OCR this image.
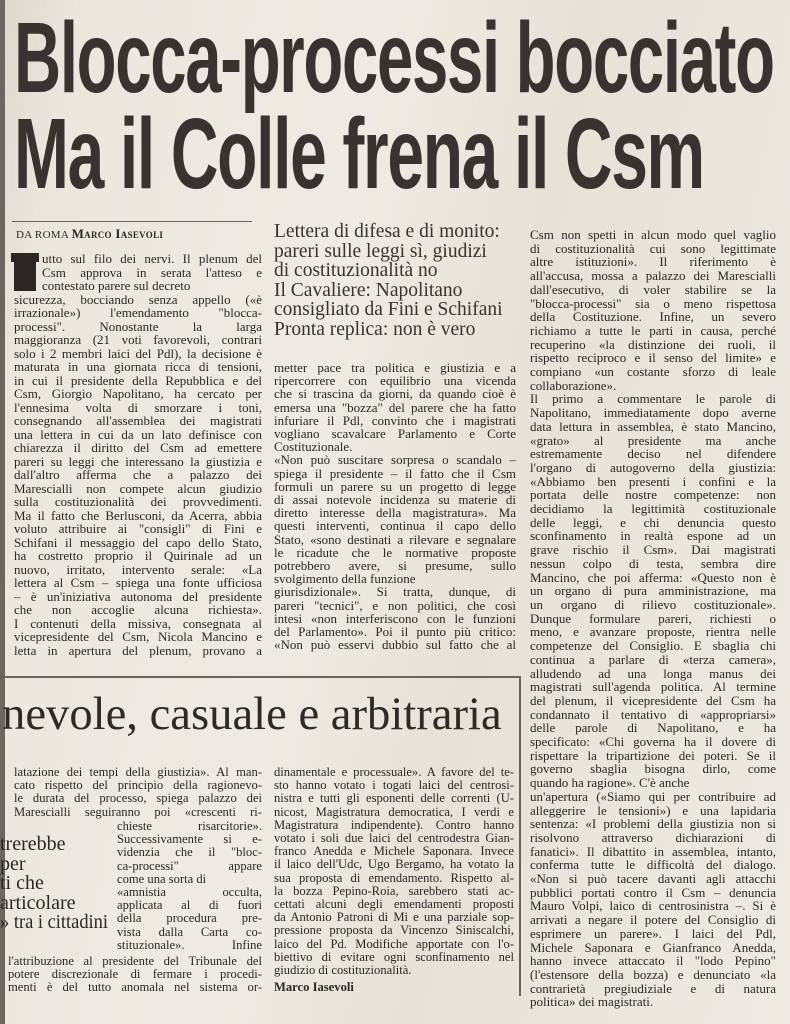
Blocca-processi bocciato
Ma il Colle frena il Csm
DA ROMA Marco Iasevoli
utto sul filo dei nervi. Il plenum del
Csm approva in serata l'atteso e
contestato parere sul decreto
sicurezza, bocciando senza appello («è
irrazionale») l'emendamento "blocca-
processi". Nonostante la larga
maggioranza (21 voti favorevoli, contrari
solo i 2 membri laici del Pdl), la decisione è
maturata in una giornata ricca di tensioni,
in cui il presidente della Repubblica e del
Csm, Giorgio Napolitano, ha cercato per
l'ennesima volta di smorzare i toni,
consegnando all'assemblea dei magistrati
una lettera in cui da un lato definisce con
chiarezza il diritto del Csm ad emettere
pareri su leggi che interessano la giustizia e
dall'altro afferma che a palazzo dei
Marescialli non compete alcun giudizio
sulla costituzionalità dei provvedimenti.
Ma il fatto che Berlusconi, da Acerra, abbia
voluto attribuire ai "consigli" di Fini e
Schifani il messaggio del capo dello Stato,
ha costretto proprio il Quirinale ad un
nuovo, irritato, intervento serale: «La
lettera al Csm – spiega una fonte ufficiosa
– è un'iniziativa autonoma del presidente
che non accoglie alcuna richiesta».
I contenuti della missiva, consegnata al
vicepresidente del Csm, Nicola Mancino e
letta in apertura del plenum, provano a
Lettera di difesa e di monito:
pareri sulle leggi sì, giudizi
di costituzionalità no
Il Cavaliere: Napolitano
consigliato da Fini e Schifani
Pronta replica: non è vero
metter pace tra politica e giustizia e a
ripercorrere con equilibrio una vicenda
che si trascina da giorni, da quando cioè è
emersa una "bozza" del parere che ha fatto
infuriare il Pdl, convinto che i magistrati
vogliano scavalcare Parlamento e Corte
Costituzionale.
«Non può suscitare sorpresa o scandalo –
spiega il presidente – il fatto che il Csm
formuli un parere su un progetto di legge
di assai notevole incidenza su materie di
diretto interesse della magistratura». Ma
questi interventi, continua il capo dello
Stato, «sono destinati a rilevare e segnalare
le ricadute che le normative proposte
potrebbero avere, si presume, sullo
svolgimento della funzione
giurisdizionale». Si tratta, dunque, di
pareri "tecnici", e non politici, che così
intesi «non interferiscono con le funzioni
del Parlamento». Poi il punto più critico:
«Non può esservi dubbio sul fatto che al
Csm non spetti in alcun modo quel vaglio
di costituzionalità cui sono legittimate
altre istituzioni». Il riferimento è
all'accusa, mossa a palazzo dei Marescialli
dall'esecutivo, di voler stabilire se la
"blocca-processi" sia o meno rispettosa
della Costituzione. Infine, un severo
richiamo a tutte le parti in causa, perché
recuperino «la distinzione dei ruoli, il
rispetto reciproco e il senso del limite» e
compiano «un costante sforzo di leale
collaborazione».
Il primo a commentare le parole di
Napolitano, immediatamente dopo averne
data lettura in assemblea, è stato Mancino,
«grato» al presidente ma anche
estremamente deciso nel difendere
l'organo di autogoverno della giustizia:
«Abbiamo ben presenti i confini e la
portata delle nostre competenze: non
decidiamo la legittimità costituzionale
delle leggi, e chi denuncia questo
sconfinamento in realtà espone ad un
grave rischio il Csm». Dai magistrati
nessun colpo di testa, sembra dire
Mancino, che poi afferma: «Questo non è
un organo di pura amministrazione, ma
un organo di rilievo costituzionale».
Dunque formulare pareri, richiesti o
meno, e avanzare proposte, rientra nelle
competenze del Consiglio. E sbaglia chi
continua a parlare di «terza camera»,
alludendo ad una longa manus dei
magistrati sull'agenda politica. Al termine
del plenum, il vicepresidente del Csm ha
condannato il tentativo di «appropriarsi»
delle parole di Napolitano, e ha
specificato: «Chi governa ha il dovere di
rispettare la tripartizione dei poteri. Se il
governo sbaglia bisogna dirlo, come
quando ha ragione». C'è anche
un'apertura («Siamo qui per contribuire ad
alleggerire le tensioni») e una lapidaria
sentenza: «I problemi della giustizia non si
risolvono attraverso dichiarazioni di
fanatici». Il dibattito in assemblea, intanto,
conferma tutte le difficoltà del dialogo.
«Non si può tacere davanti agli attacchi
pubblici portati contro il Csm – denuncia
Mauro Volpi, laico di centrosinistra –. Si è
arrivati a negare il potere del Consiglio di
esprimere un parere». I laici del Pdl,
Michele Saponara e Gianfranco Anedda,
hanno invece attaccato il "lodo Pepino"
(l'estensore della bozza) e denunciato «la
contrarietà pregiudiziale e di natura
politica» dei magistrati.
nevole, casuale e arbitraria
latazione dei tempi della giustizia». Al man-
cato rispetto del principio della ragionevo-
le durata del processo, spiega palazzo dei
Marescialli seguiranno poi «crescenti ri-
trerebbe
per
ti che
articolare
» tra i cittadini
chieste risarcitorie».
Successivamente si e-
videnzia che il "bloc-
ca-processi" appare
come una sorta di
«amnistia occulta,
applicata al di fuori
della procedura pre-
vista dalla Carta co-
stituzionale». Infine
l'attribuzione al presidente del Tribunale del
potere discrezionale di fermare i procedi-
menti è del tutto anomala nel sistema or-
dinamentale e processuale». A favore del te-
sto hanno votato i togati laici del centrosi-
nistra e tutti gli esponenti delle correnti (U-
nicost, Magistratura democratica, I verdi e
Magistratura indipendente). Contro hanno
votato i soli due laici del centrodestra Gian-
franco Anedda e Michele Saponara. Invece
il laico dell'Udc, Ugo Bergamo, ha votato la
sua proposta di emendamento. Rispetto al-
la bozza Pepino-Roia, sarebbero stati ac-
cettati alcuni degli emendamenti proposti
da Antonio Patroni di Mi e una parziale sop-
pressione proposta da Vincenzo Siniscalchi,
laico del Pd. Modifiche apportate con l'o-
biettivo di evitare ogni sconfinamento nel
giudizio di costituzionalità.
Marco Iasevoli
